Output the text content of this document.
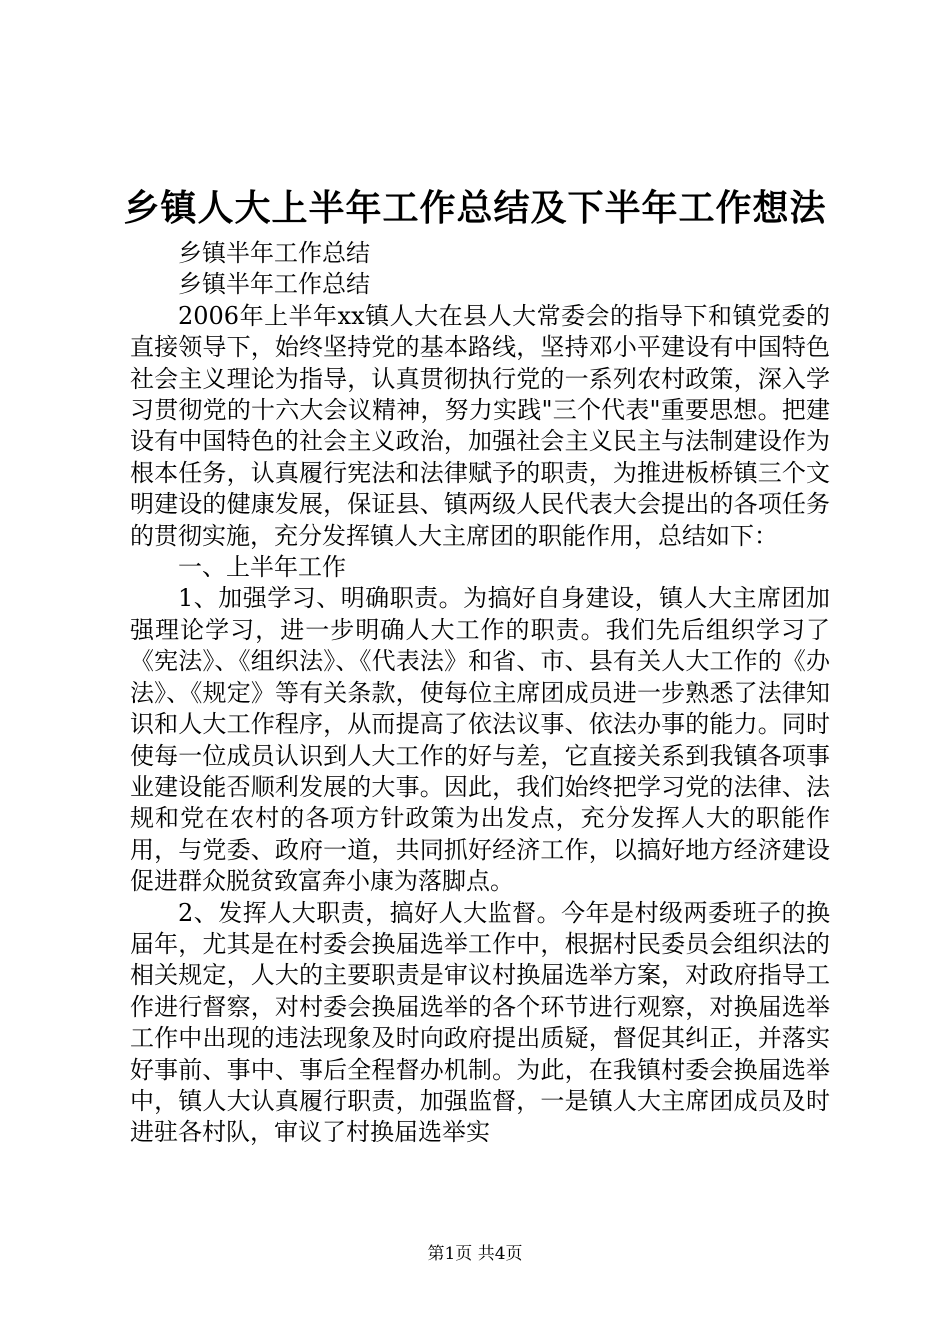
乡镇人大上半年工作总结及下半年工作想法

乡镇半年工作总结

乡镇半年工作总结

2006年上半年xx镇人大在县人大常委会的指导下和镇党委的直接领导下，始终坚持党的基本路线，坚持邓小平建设有中国特色社会主义理论为指导，认真贯彻执行党的一系列农村政策，深入学习贯彻党的十六大会议精神，努力实践"三个代表"重要思想。把建设有中国特色的社会主义政治，加强社会主义民主与法制建设作为根本任务，认真履行宪法和法律赋予的职责，为推进板桥镇三个文明建设的健康发展，保证县、镇两级人民代表大会提出的各项任务的贯彻实施，充分发挥镇人大主席团的职能作用，总结如下：

一、上半年工作

1、加强学习、明确职责。为搞好自身建设，镇人大主席团加强理论学习，进一步明确人大工作的职责。我们先后组织学习了《宪法》、《组织法》、《代表法》和省、市、县有关人大工作的《办法》、《规定》等有关条款，使每位主席团成员进一步熟悉了法律知识和人大工作程序，从而提高了依法议事、依法办事的能力。同时使每一位成员认识到人大工作的好与差，它直接关系到我镇各项事业建设能否顺利发展的大事。因此，我们始终把学习党的法律、法规和党在农村的各项方针政策为出发点，充分发挥人大的职能作用，与党委、政府一道，共同抓好经济工作，以搞好地方经济建设促进群众脱贫致富奔小康为落脚点。

2、发挥人大职责，搞好人大监督。今年是村级两委班子的换届年，尤其是在村委会换届选举工作中，根据村民委员会组织法的相关规定，人大的主要职责是审议村换届选举方案，对政府指导工作进行督察，对村委会换届选举的各个环节进行观察，对换届选举工作中出现的违法现象及时向政府提出质疑，督促其纠正，并落实好事前、事中、事后全程督办机制。为此，在我镇村委会换届选举中，镇人大认真履行职责，加强监督，一是镇人大主席团成员及时进驻各村队，审议了村换届选举实

第1页 共4页
